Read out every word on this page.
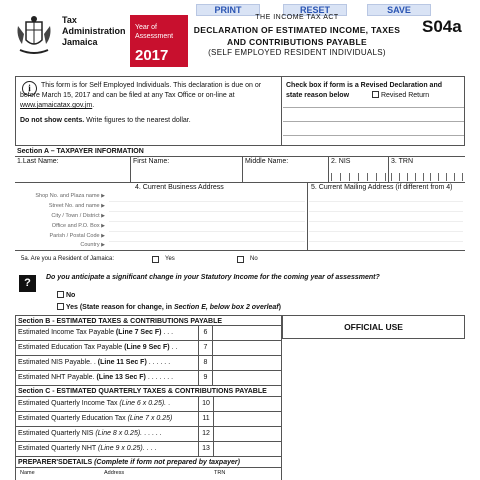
PRINT	RESET	SAVE
Tax
Administration
Jamaica
Year of
Assessment
2017
THE INCOME TAX ACT
DECLARATION OF ESTIMATED INCOME, TAXES
AND CONTRIBUTIONS PAYABLE
(SELF EMPLOYED RESIDENT INDIVIDUALS)
S04a
i	This form is for Self Employed Individuals. This declaration is due on or before March 15, 2017 and can be filed at any Tax Office or on-line at www.jamaicatax.gov.jm.
Do not show cents. Write figures to the nearest dollar.
Check box if form is a Revised Declaration and
state reason below	Revised Return
Section A – TAXPAYER INFORMATION
1.Last Name:	First Name:	Middle Name:	2. NIS	3. TRN
4. Current Business Address	5. Current Mailing Address (if different from 4)
Shop No. and Plaza name ▶
Street No. and name ▶
City / Town / District ▶
Office and P.O. Box ▶
Parish / Postal Code ▶
Country ▶
5a. Are you a Resident of Jamaica:	Yes	No
?	Do you anticipate a significant change in your Statutory Income for the coming year of assessment?
No
Yes (State reason for change, in Section E, below box 2 overleaf)
Section B - ESTIMATED TAXES & CONTRIBUTIONS PAYABLE
Estimated Income Tax Payable (Line 7 Sec F) . . .	6
Estimated Education Tax Payable (Line 9 Sec F) . .	7
Estimated NIS Payable. . (Line 11 Sec F) . . . . . .	8
Estimated NHT Payable. (Line 13 Sec F) . . . . . . .	9
Section C - ESTIMATED QUARTERLY TAXES & CONTRIBUTIONS PAYABLE
Estimated Quarterly Income Tax (Line 6 x 0.25). .	10
Estimated Quarterly Education Tax (Line 7 x 0.25)	11
Estimated Quarterly NIS (Line 8 x 0.25). . . . . .	12
Estimated Quarterly NHT (Line 9 x 0.25). . . .	13
OFFICIAL USE
PREPARER'SDETAILS (Complete if form not prepared by taxpayer)
Name	Address	TRN
